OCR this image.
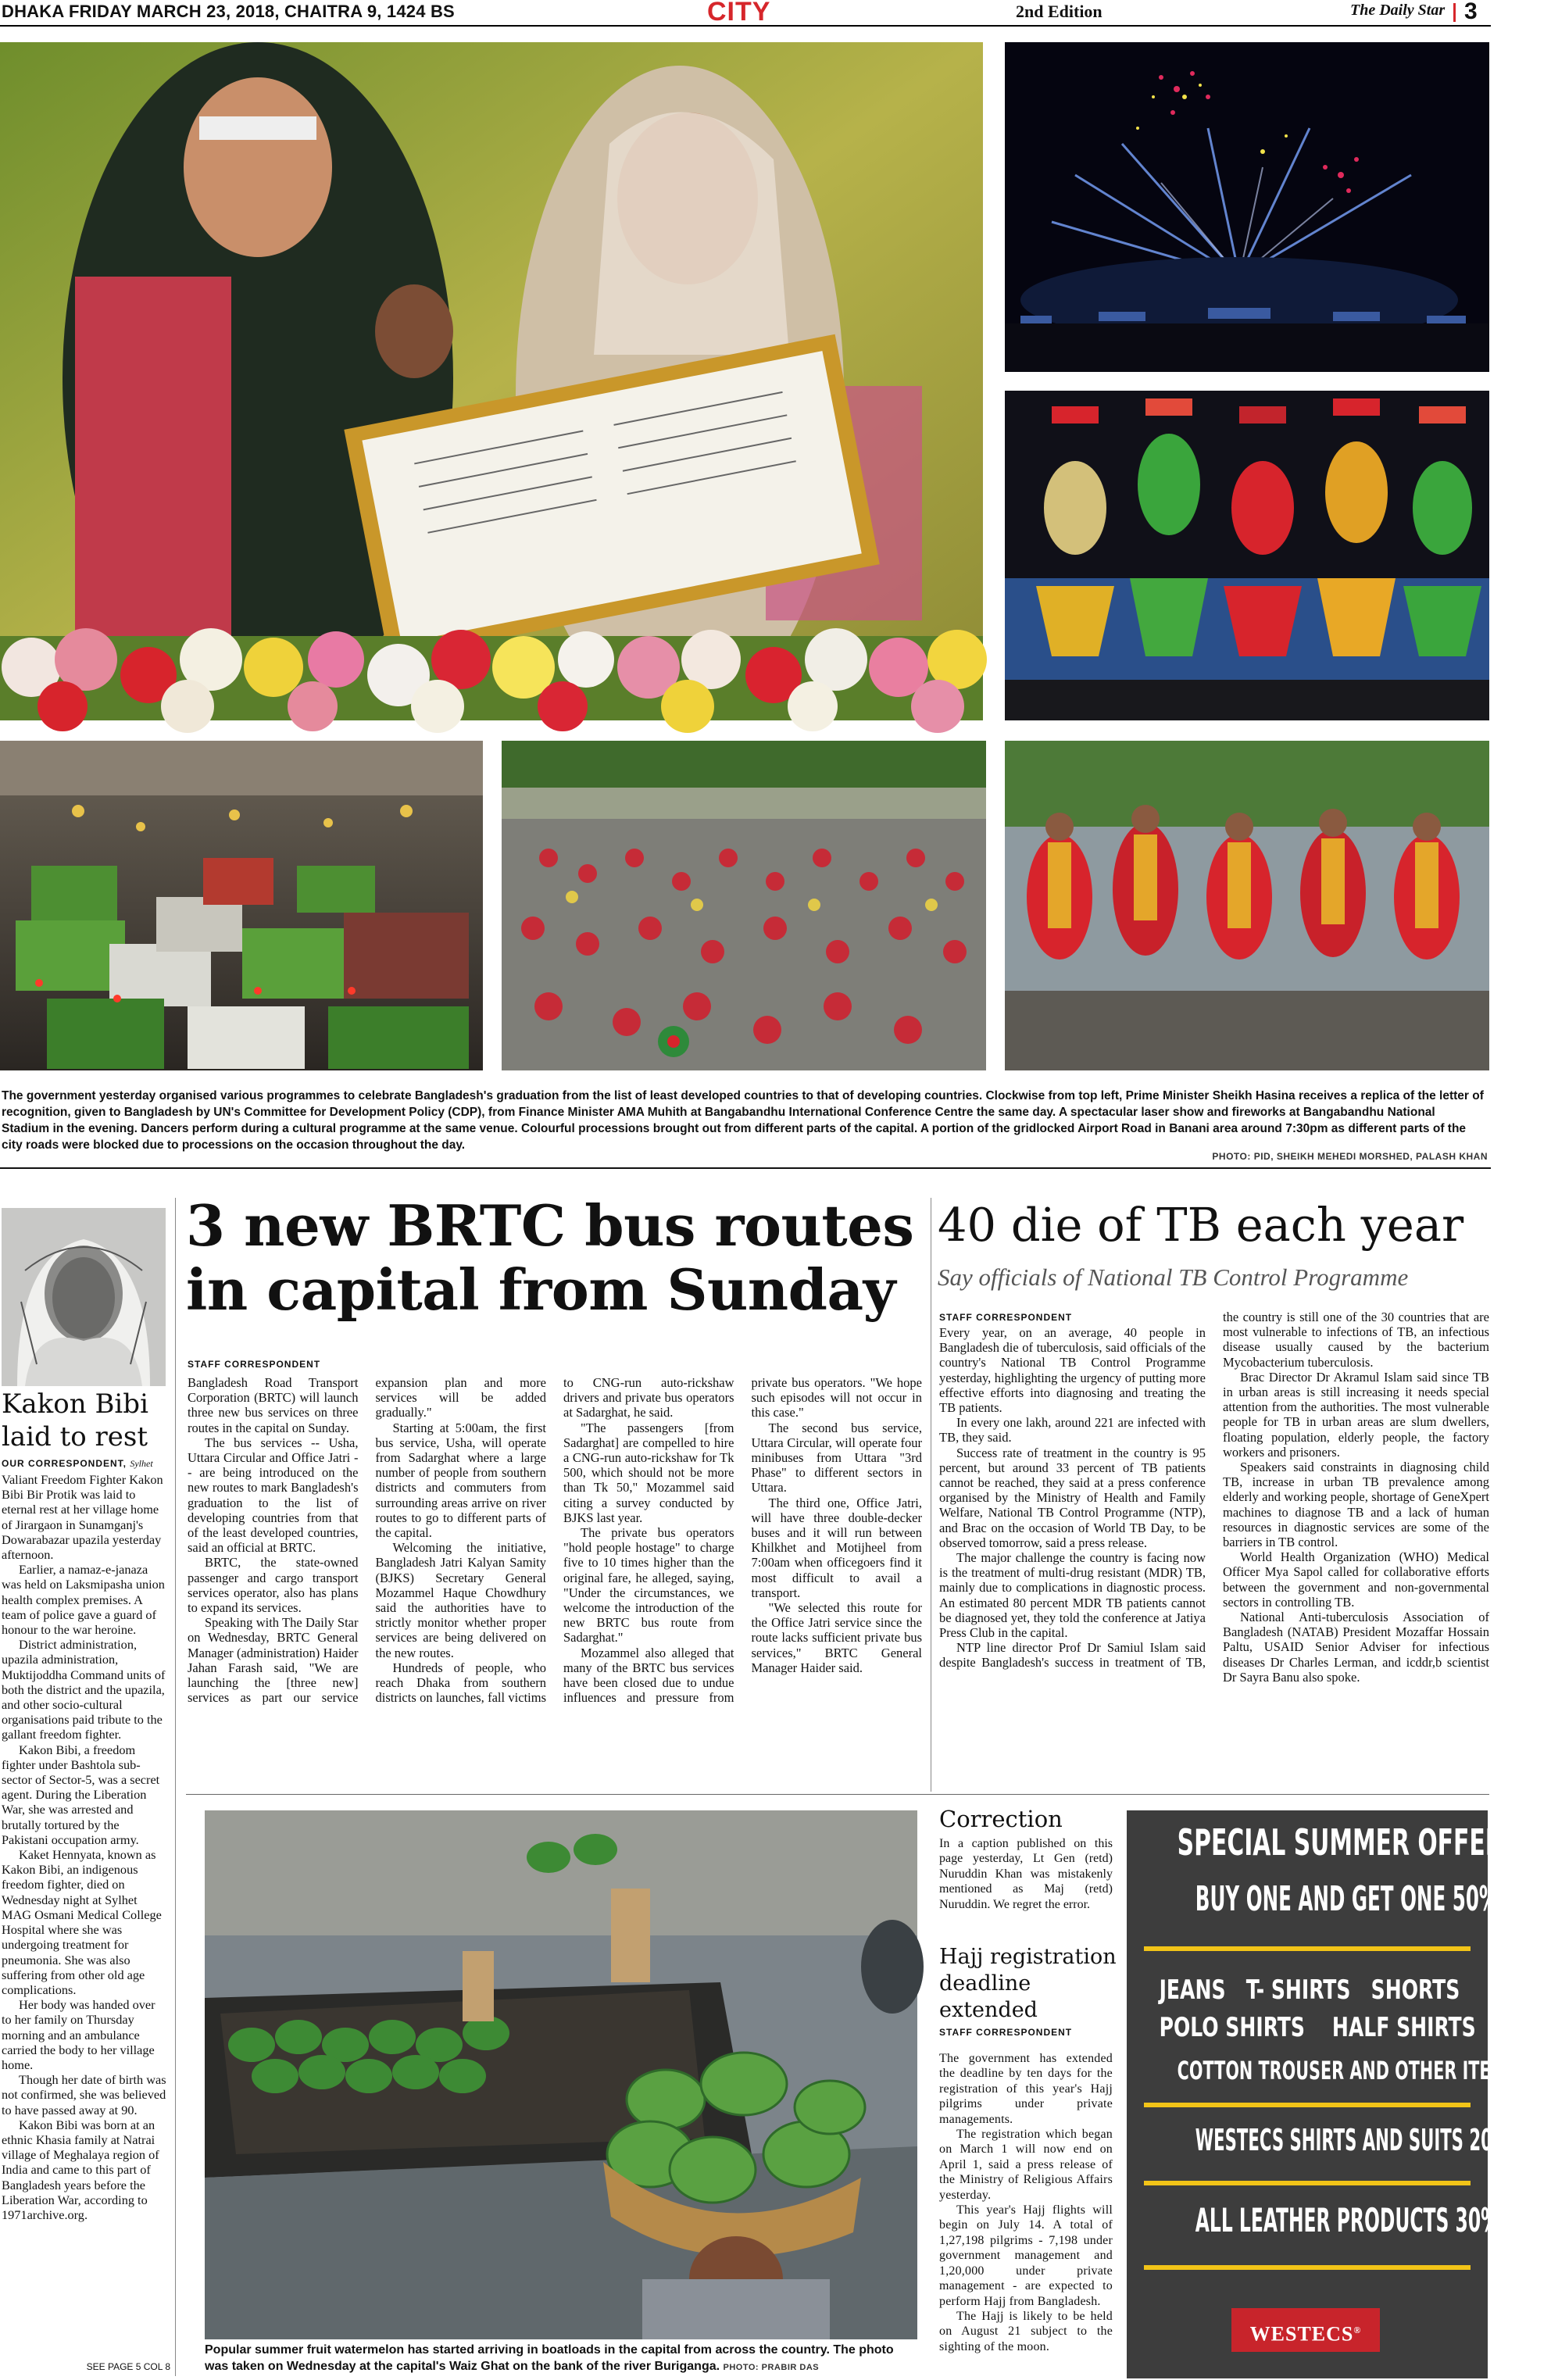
DHAKA FRIDAY MARCH 23, 2018, CHAITRA 9, 1424 BS	CITY	2nd Edition	The Daily Star 3
The government yesterday organised various programmes to celebrate Bangladesh's graduation from the list of least developed countries to that of developing countries. Clockwise from top left, Prime Minister Sheikh Hasina receives a replica of the letter of recognition, given to Bangladesh by UN's Committee for Development Policy (CDP), from Finance Minister AMA Muhith at Bangabandhu International Conference Centre the same day. A spectacular laser show and fireworks at Bangabandhu National Stadium in the evening. Dancers perform during a cultural programme at the same venue. Colourful processions brought out from different parts of the capital. A portion of the gridlocked Airport Road in Banani area around 7:30pm as different parts of the city roads were blocked due to processions on the occasion throughout the day.
PHOTO: PID, SHEIKH MEHEDI MORSHED, PALASH KHAN
Kakon Bibi laid to rest
OUR CORRESPONDENT, Sylhet

Valiant Freedom Fighter Kakon Bibi Bir Protik was laid to eternal rest at her village home of Jirargaon in Sunamganj's Dowarabazar upazila yesterday afternoon.

Earlier, a namaz-e-janaza was held on Laksmipasha union health complex premises. A team of police gave a guard of honour to the war heroine.

District administration, upazila administration, Muktijoddha Command units of both the district and the upazila, and other socio-cultural organisations paid tribute to the gallant freedom fighter.

Kakon Bibi, a freedom fighter under Bashtola sub-sector of Sector-5, was a secret agent. During the Liberation War, she was arrested and brutally tortured by the Pakistani occupation army.

Kaket Hennyata, known as Kakon Bibi, an indigenous freedom fighter, died on Wednesday night at Sylhet MAG Osmani Medical College Hospital where she was undergoing treatment for pneumonia. She was also suffering from other old age complications.

Her body was handed over to her family on Thursday morning and an ambulance carried the body to her village home.

Though her date of birth was not confirmed, she was believed to have passed away at 90.

Kakon Bibi was born at an ethnic Khasia family at Natrai village of Meghalaya region of India and came to this part of Bangladesh years before the Liberation War, according to 1971archive.org.

SEE PAGE 5 COL 8
3 new BRTC bus routes in capital from Sunday
STAFF CORRESPONDENT

Bangladesh Road Transport Corporation (BRTC) will launch three new bus services on three routes in the capital on Sunday.

The bus services -- Usha, Uttara Circular and Office Jatri -- are being introduced on the new routes to mark Bangladesh's graduation to the list of developing countries from that of the least developed countries, said an official at BRTC.

BRTC, the state-owned passenger and cargo transport services operator, also has plans to expand its services.

Speaking with The Daily Star on Wednesday, BRTC General Manager (administration) Haider Jahan Farash said, "We are launching the [three new] services as part our service expansion plan and more services will be added gradually."

Starting at 5:00am, the first bus service, Usha, will operate from Sadarghat where a large number of people from southern districts and commuters from surrounding areas arrive on river routes to go to different parts of the capital.

Welcoming the initiative, Bangladesh Jatri Kalyan Samity (BJKS) Secretary General Mozammel Haque Chowdhury said the authorities have to strictly monitor whether proper services are being delivered on the new routes.

Hundreds of people, who reach Dhaka from southern districts on launches, fall victims to CNG-run auto-rickshaw drivers and private bus operators at Sadarghat, he said.

"The passengers [from Sadarghat] are compelled to hire a CNG-run auto-rickshaw for Tk 500, which should not be more than Tk 50," Mozammel said citing a survey conducted by BJKS last year.

The private bus operators "hold people hostage" to charge five to 10 times higher than the original fare, he alleged, saying, "Under the circumstances, we welcome the introduction of the new BRTC bus route from Sadarghat."

Mozammel also alleged that many of the BRTC bus services have been closed due to undue influences and pressure from private bus operators. "We hope such episodes will not occur in this case."

The second bus service, Uttara Circular, will operate four minibuses from Uttara "3rd Phase" to different sectors in Uttara.

The third one, Office Jatri, will have three double-decker buses and it will run between Khilkhet and Motijheel from 7:00am when officegoers find it most difficult to avail a transport.

"We selected this route for the Office Jatri service since the route lacks sufficient private bus services," BRTC General Manager Haider said.

40 die of TB each year
Say officials of National TB Control Programme
STAFF CORRESPONDENT

Every year, on an average, 40 people in Bangladesh die of tuberculosis, said officials of the country's National TB Control Programme yesterday, highlighting the urgency of putting more effective efforts into diagnosing and treating the TB patients.

In every one lakh, around 221 are infected with TB, they said.

Success rate of treatment in the country is 95 percent, but around 33 percent of TB patients cannot be reached, they said at a press conference organised by the Ministry of Health and Family Welfare, National TB Control Programme (NTP), and Brac on the occasion of World TB Day, to be observed tomorrow, said a press release.

The major challenge the country is facing now is the treatment of multi-drug resistant (MDR) TB, mainly due to complications in diagnostic process. An estimated 80 percent MDR TB patients cannot be diagnosed yet, they told the conference at Jatiya Press Club in the capital.

NTP line director Prof Dr Samiul Islam said despite Bangladesh's success in treatment of TB, the country is still one of the 30 countries that are most vulnerable to infections of TB, an infectious disease usually caused by the bacterium Mycobacterium tuberculosis.

Brac Director Dr Akramul Islam said since TB in urban areas is still increasing it needs special attention from the authorities. The most vulnerable people for TB in urban areas are slum dwellers, floating population, elderly people, the factory workers and prisoners.

Speakers said constraints in diagnosing child TB, increase in urban TB prevalence among elderly and working people, shortage of GeneXpert machines to diagnose TB and a lack of human resources in diagnostic services are some of the barriers in TB control.

World Health Organization (WHO) Medical Officer Mya Sapol called for collaborative efforts between the government and non-governmental sectors in controlling TB.

National Anti-tuberculosis Association of Bangladesh (NATAB) President Mozaffar Hossain Paltu, USAID Senior Adviser for infectious diseases Dr Charles Lerman, and icddr,b scientist Dr Sayra Banu also spoke.

Popular summer fruit watermelon has started arriving in boatloads in the capital from across the country. The photo was taken on Wednesday at the capital's Waiz Ghat on the bank of the river Buriganga. PHOTO: PRABIR DAS
Correction
In a caption published on this page yesterday, Lt Gen (retd) Nuruddin Khan was mistakenly mentioned as Maj (retd) Nuruddin. We regret the error.
Hajj registration deadline extended
STAFF CORRESPONDENT

The government has extended the deadline by ten days for the registration of this year's Hajj pilgrims under private managements.

The registration which began on March 1 will now end on April 1, said a press release of the Ministry of Religious Affairs yesterday.

This year's Hajj flights will begin on July 14. A total of 1,27,198 pilgrims - 7,198 under government management and 1,20,000 under private management - are expected to perform Hajj from Bangladesh.

The Hajj is likely to be held on August 21 subject to the sighting of the moon.

SPECIAL SUMMER OFFER
BUY ONE AND GET ONE 50% OFF
JEANS   T- SHIRTS   SHORTS
POLO SHIRTS    HALF SHIRTS
COTTON TROUSER AND OTHER ITEMS
WESTECS SHIRTS AND SUITS 20% OFF
ALL LEATHER PRODUCTS 30%OFF
WESTECS®
